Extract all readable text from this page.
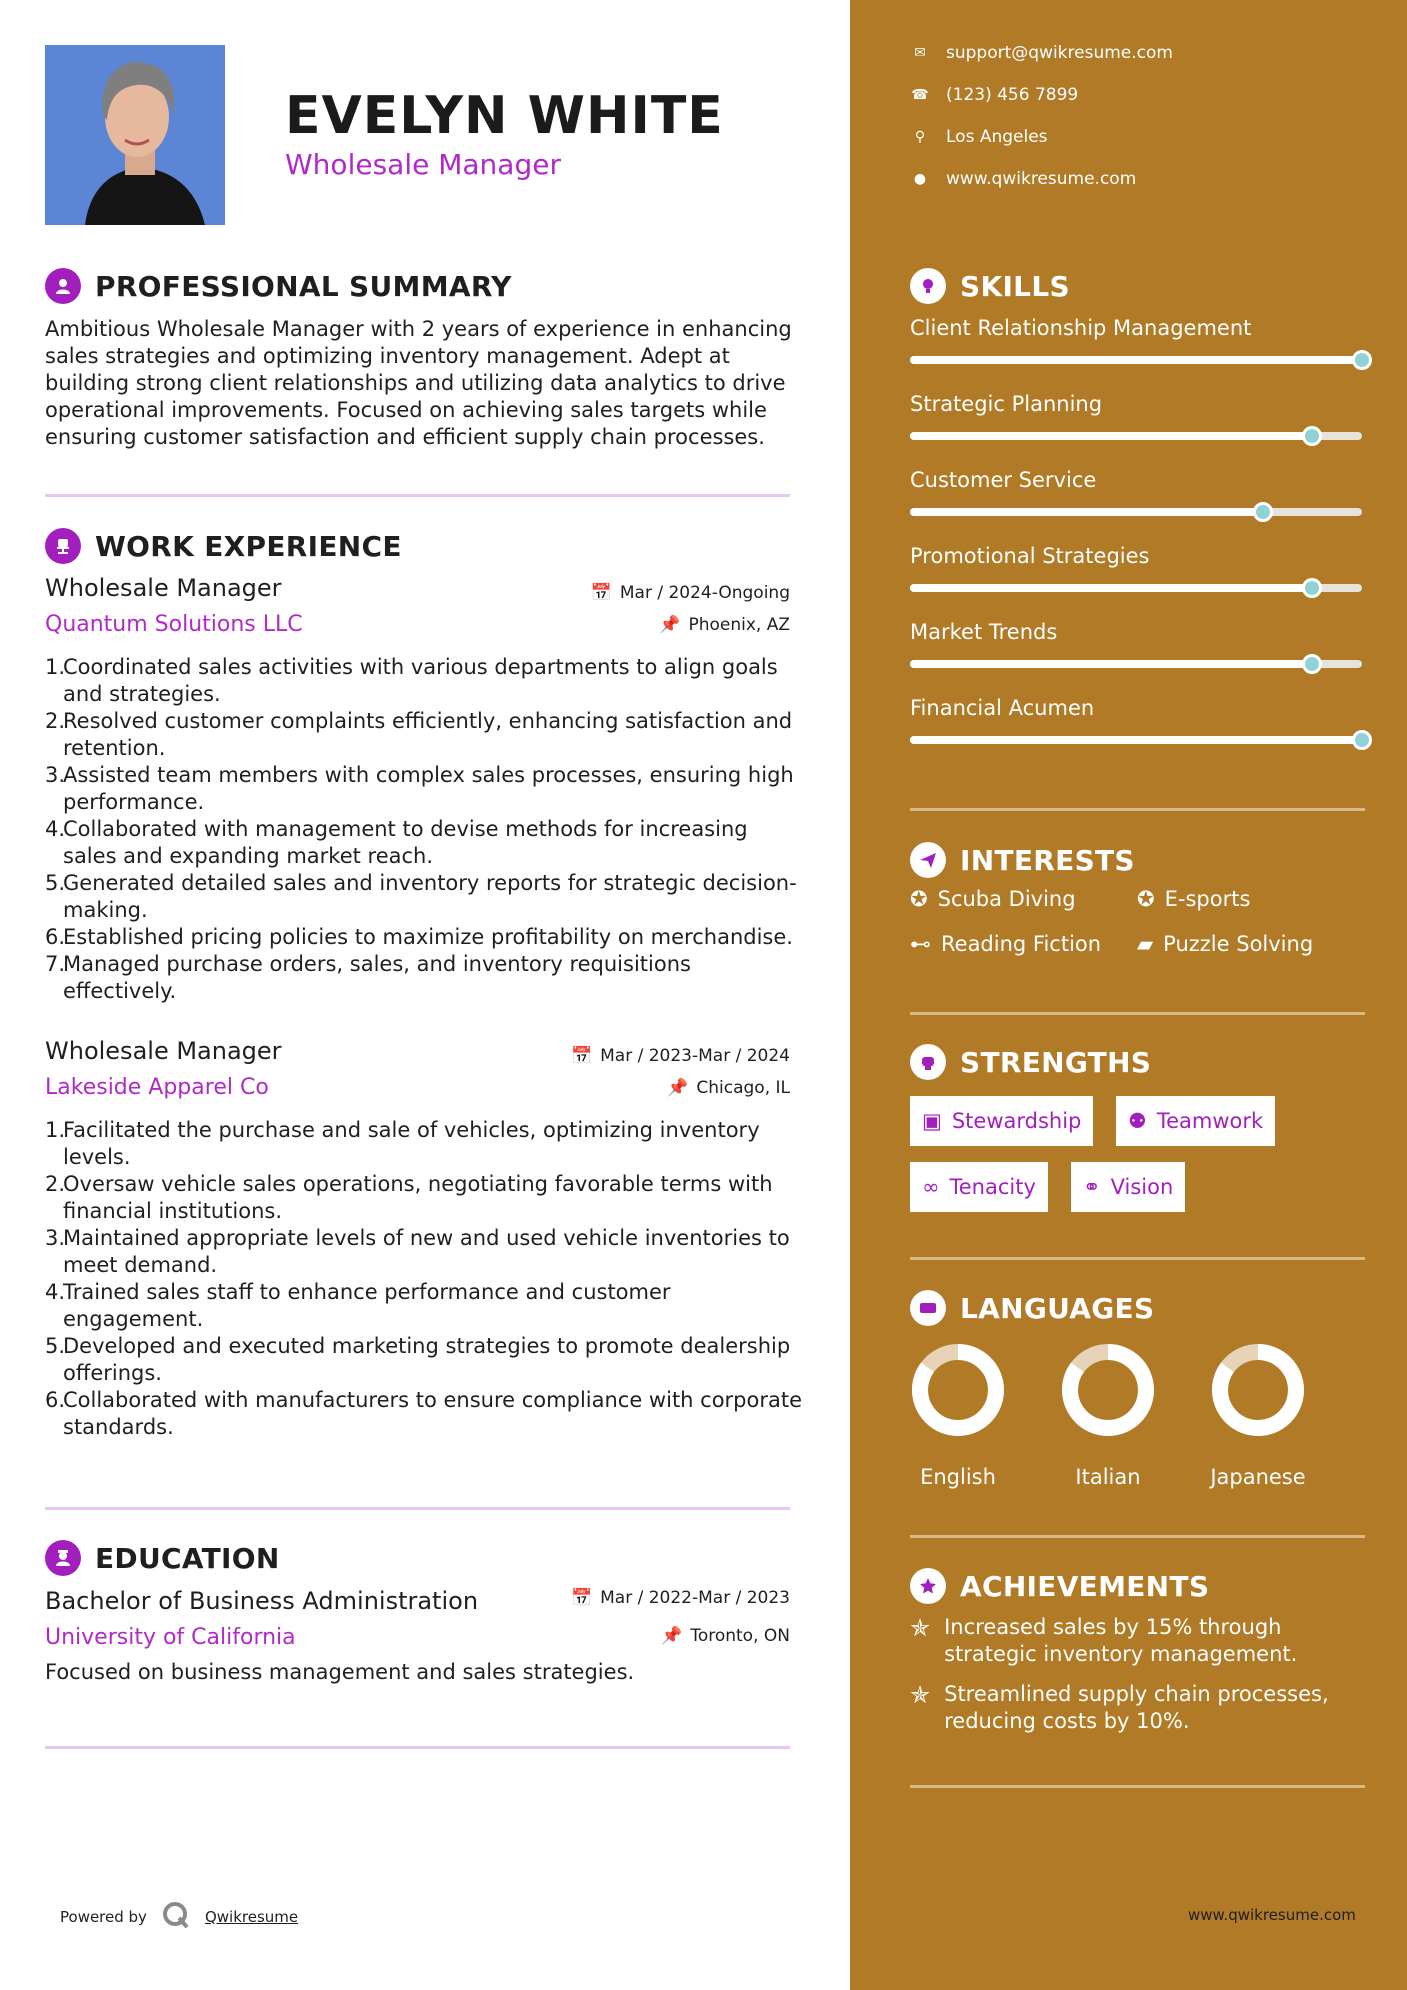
EVELYN WHITE
Wholesale Manager
PROFESSIONAL SUMMARY
Ambitious Wholesale Manager with 2 years of experience in enhancing sales strategies and optimizing inventory management. Adept at building strong client relationships and utilizing data analytics to drive operational improvements. Focused on achieving sales targets while ensuring customer satisfaction and efficient supply chain processes.
WORK EXPERIENCE
Wholesale Manager
Quantum Solutions LLC
📅 Mar / 2024-Ongoing
📌 Phoenix, AZ
1.
Coordinated sales activities with various departments to align goals and strategies.
2.
Resolved customer complaints efficiently, enhancing satisfaction and retention.
3.
Assisted team members with complex sales processes, ensuring high performance.
4.
Collaborated with management to devise methods for increasing sales and expanding market reach.
5.
Generated detailed sales and inventory reports for strategic decision-making.
6.
Established pricing policies to maximize profitability on merchandise.
7.
Managed purchase orders, sales, and inventory requisitions effectively.
Wholesale Manager
Lakeside Apparel Co
📅 Mar / 2023-Mar / 2024
📌 Chicago, IL
1.
Facilitated the purchase and sale of vehicles, optimizing inventory levels.
2.
Oversaw vehicle sales operations, negotiating favorable terms with financial institutions.
3.
Maintained appropriate levels of new and used vehicle inventories to meet demand.
4.
Trained sales staff to enhance performance and customer engagement.
5.
Developed and executed marketing strategies to promote dealership offerings.
6.
Collaborated with manufacturers to ensure compliance with corporate standards.
EDUCATION
Bachelor of Business Administration
University of California
📅 Mar / 2022-Mar / 2023
📌 Toronto, ON
Focused on business management and sales strategies.
Powered by	Qwikresume
✉ support@qwikresume.com
☎ (123) 456 7899
⚲ Los Angeles
● www.qwikresume.com
SKILLS
Client Relationship Management
Strategic Planning
Customer Service
Promotional Strategies
Market Trends
Financial Acumen
INTERESTS
✪ Scuba Diving	✪ E-sports
⊷ Reading Fiction ▰ Puzzle Solving
STRENGTHS
▣ Stewardship ⚉ Teamwork
∞ Tenacity ⚭ Vision
LANGUAGES
English	Italian	Japanese
ACHIEVEMENTS
✯ Increased sales by 15% through strategic inventory management.
✯ Streamlined supply chain processes, reducing costs by 10%.
www.qwikresume.com
